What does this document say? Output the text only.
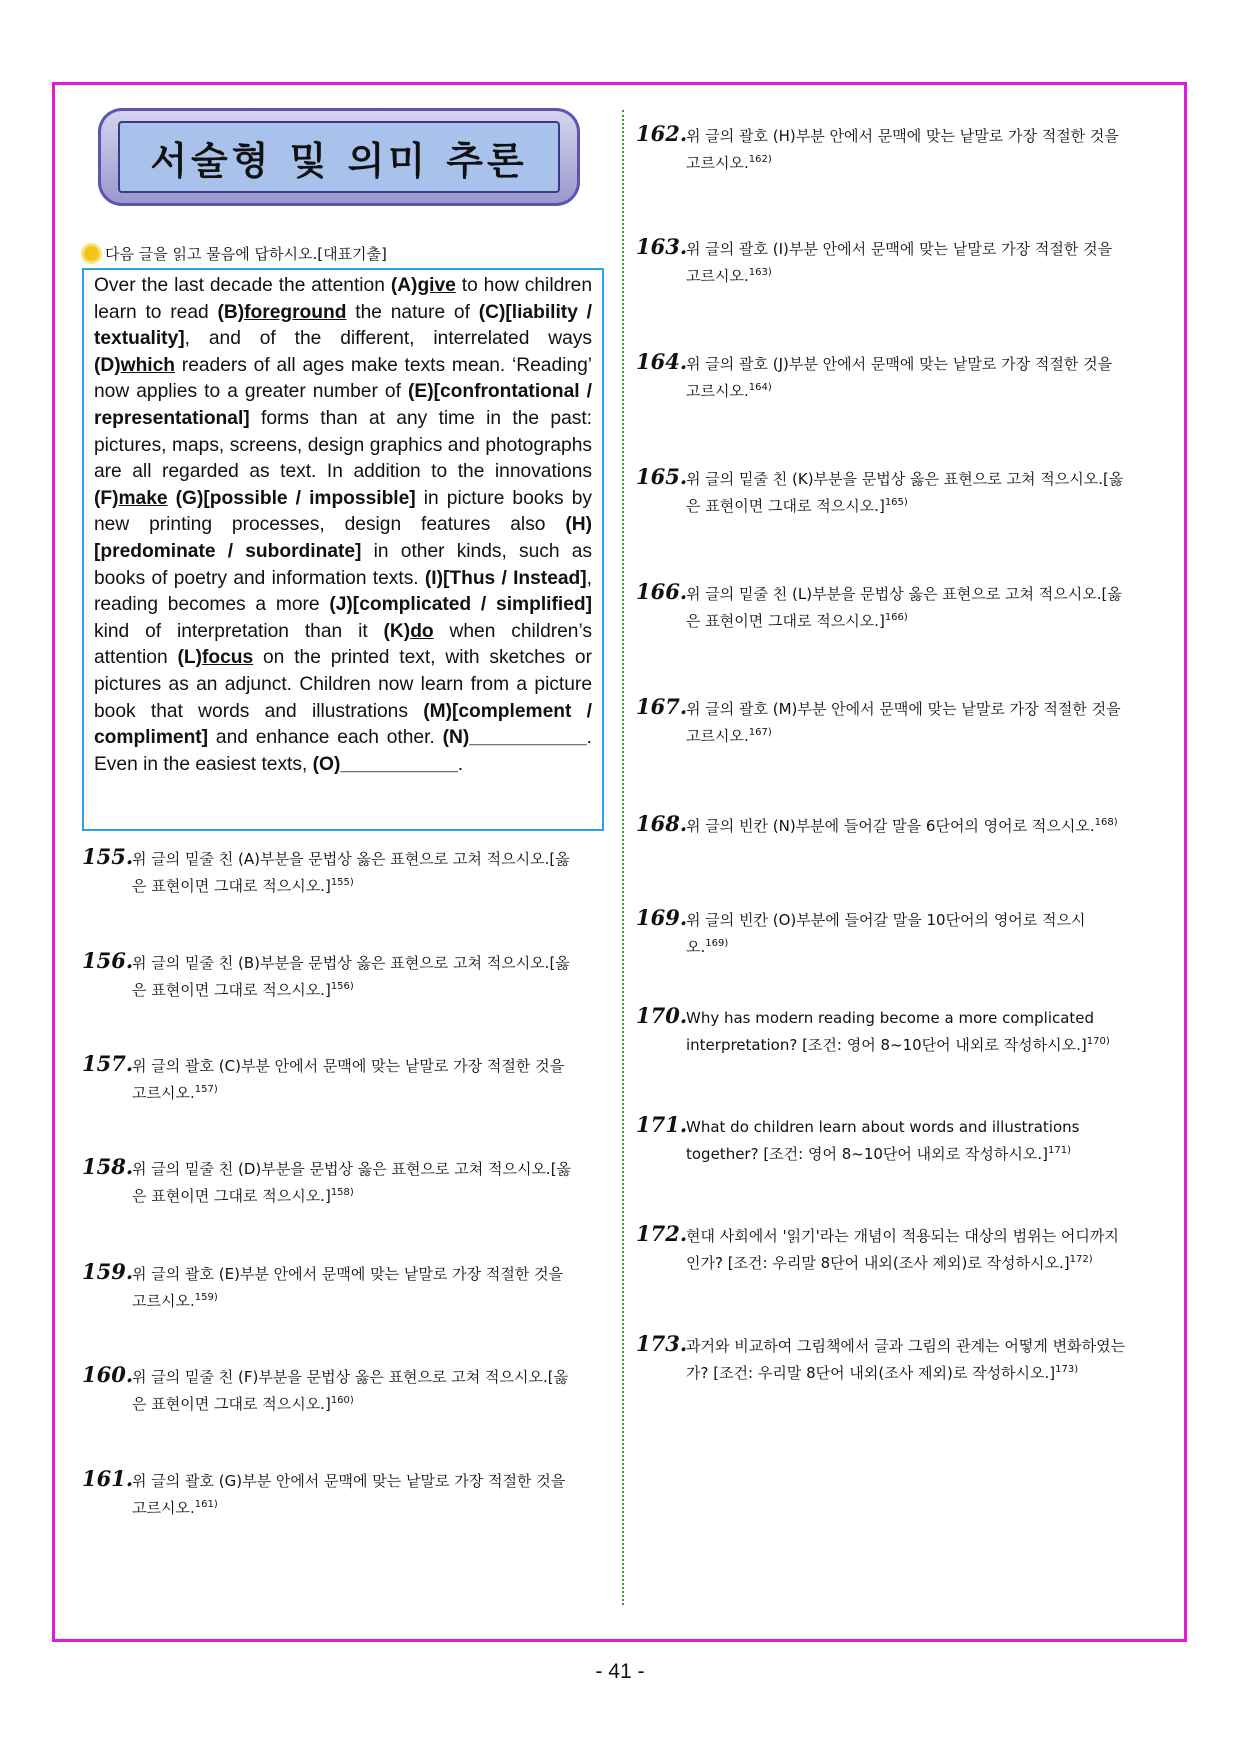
서술형 및 의미 추론
다음 글을 읽고 물음에 답하시오.[대표기출]
Over the last decade the attention (A)give to how children learn to read (B)foreground the nature of (C)[liability / textuality], and of the different, interrelated ways (D)which readers of all ages make texts mean. ‘Reading’ now applies to a greater number of (E)[confrontational / representational] forms than at any time in the past: pictures, maps, screens, design graphics and photographs are all regarded as text. In addition to the innovations (F)make (G)[possible / impossible] in picture books by new printing processes, design features also (H)[predominate / subordinate] in other kinds, such as books of poetry and information texts. (I)[Thus / Instead], reading becomes a more (J)[complicated / simplified] kind of interpretation than it (K)do when children’s attention (L)focus on the printed text, with sketches or pictures as an adjunct. Children now learn from a picture book that words and illustrations (M)[complement / compliment] and enhance each other. (N)___________. Even in the easiest texts, (O)___________.
155.위 글의 밑줄 친 (A)부분을 문법상 옳은 표현으로 고쳐 적으시오.[옳
은 표현이면 그대로 적으시오.]$^{155)}$
156.위 글의 밑줄 친 (B)부분을 문법상 옳은 표현으로 고쳐 적으시오.[옳
은 표현이면 그대로 적으시오.]$^{156)}$
157.위 글의 괄호 (C)부분 안에서 문맥에 맞는 낱말로 가장 적절한 것을
고르시오.$^{157)}$
158.위 글의 밑줄 친 (D)부분을 문법상 옳은 표현으로 고쳐 적으시오.[옳
은 표현이면 그대로 적으시오.]$^{158)}$
159.위 글의 괄호 (E)부분 안에서 문맥에 맞는 낱말로 가장 적절한 것을
고르시오.$^{159)}$
160.위 글의 밑줄 친 (F)부분을 문법상 옳은 표현으로 고쳐 적으시오.[옳
은 표현이면 그대로 적으시오.]$^{160)}$
161.위 글의 괄호 (G)부분 안에서 문맥에 맞는 낱말로 가장 적절한 것을
고르시오.$^{161)}$
162.위 글의 괄호 (H)부분 안에서 문맥에 맞는 낱말로 가장 적절한 것을
고르시오.$^{162)}$
163.위 글의 괄호 (I)부분 안에서 문맥에 맞는 낱말로 가장 적절한 것을
고르시오.$^{163)}$
164.위 글의 괄호 (J)부분 안에서 문맥에 맞는 낱말로 가장 적절한 것을
고르시오.$^{164)}$
165.위 글의 밑줄 친 (K)부분을 문법상 옳은 표현으로 고쳐 적으시오.[옳
은 표현이면 그대로 적으시오.]$^{165)}$
166.위 글의 밑줄 친 (L)부분을 문법상 옳은 표현으로 고쳐 적으시오.[옳
은 표현이면 그대로 적으시오.]$^{166)}$
167.위 글의 괄호 (M)부분 안에서 문맥에 맞는 낱말로 가장 적절한 것을
고르시오.$^{167)}$
168.위 글의 빈칸 (N)부분에 들어갈 말을 6단어의 영어로 적으시오.$^{168)}$
169.위 글의 빈칸 (O)부분에 들어갈 말을 10단어의 영어로 적으시
오.$^{169)}$
170.Why has modern reading become a more complicated
interpretation? [조건: 영어 8~10단어 내외로 작성하시오.]$^{170)}$
171.What do children learn about words and illustrations
together? [조건: 영어 8~10단어 내외로 작성하시오.]$^{171)}$
172.현대 사회에서 '읽기'라는 개념이 적용되는 대상의 범위는 어디까지
인가? [조건: 우리말 8단어 내외(조사 제외)로 작성하시오.]$^{172)}$
173.과거와 비교하여 그림책에서 글과 그림의 관계는 어떻게 변화하였는
가? [조건: 우리말 8단어 내외(조사 제외)로 작성하시오.]$^{173)}$
- 41 -
